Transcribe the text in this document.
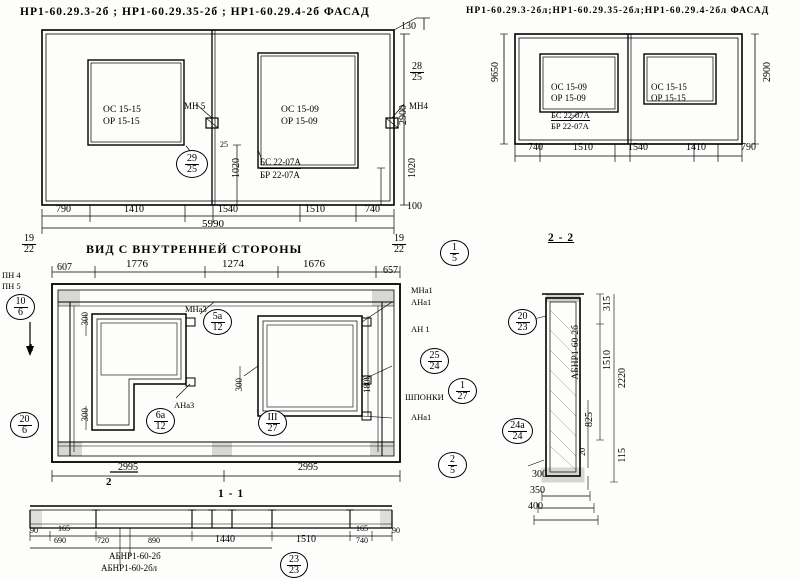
НР1-60.29.3-2б ; НР1-60.29.35-2б ; НР1-60.29.4-2б ФАСАД
ОС 15-15
ОР 15-15
ОС 15-09
ОР 15-09
МН 5	МН4
$\frac{29}{25}$	БС 22-07А
БР 22-07А
790	1410	1540	1510	740
5990
130
$\frac{28}{25}$
2900
1020
100
1020
25
НР1-60.29.3-2бл;НР1-60.29.35-2бл;НР1-60.29.4-2бл ФАСАД
ОС 15-09
ОР 15-09
ОС 15-15
ОР 15-15
БС 22-07А
БР 22-07А
9650	2900
740	1510	1540	1410	790
ВИД С ВНУТРЕННЕЙ СТОРОНЫ
607	1776	1274	1676
657
$\frac{19}{22}$	$\frac{19}{22}$
ПН 4
ПН 5
$\frac{10}{6}$
$\frac{20}{6}$
МНа3
АНа3
ШПОНКИ
МНа1
АНа1
АН 1
АНа1
$\frac{5а}{12}$
$\frac{6а}{12}$	$\frac{\text{III}}{27}$
$\frac{1}{5}$
$\frac{25}{24}$
$\frac{1}{27}$
$\frac{2}{5}$
300
300
300	1800
2995	2995
1
2
1 - 1
90	165
690	720	890	1440	1510
165
740
90
АБНР1-60-2б
АБНР1-60-2бл	$\frac{23}{23}$
2 - 2
АБНР1-60-2б
315
1510
2220
825
115
20
300
350
400
$\frac{20}{23}$
$\frac{24а}{24}$
